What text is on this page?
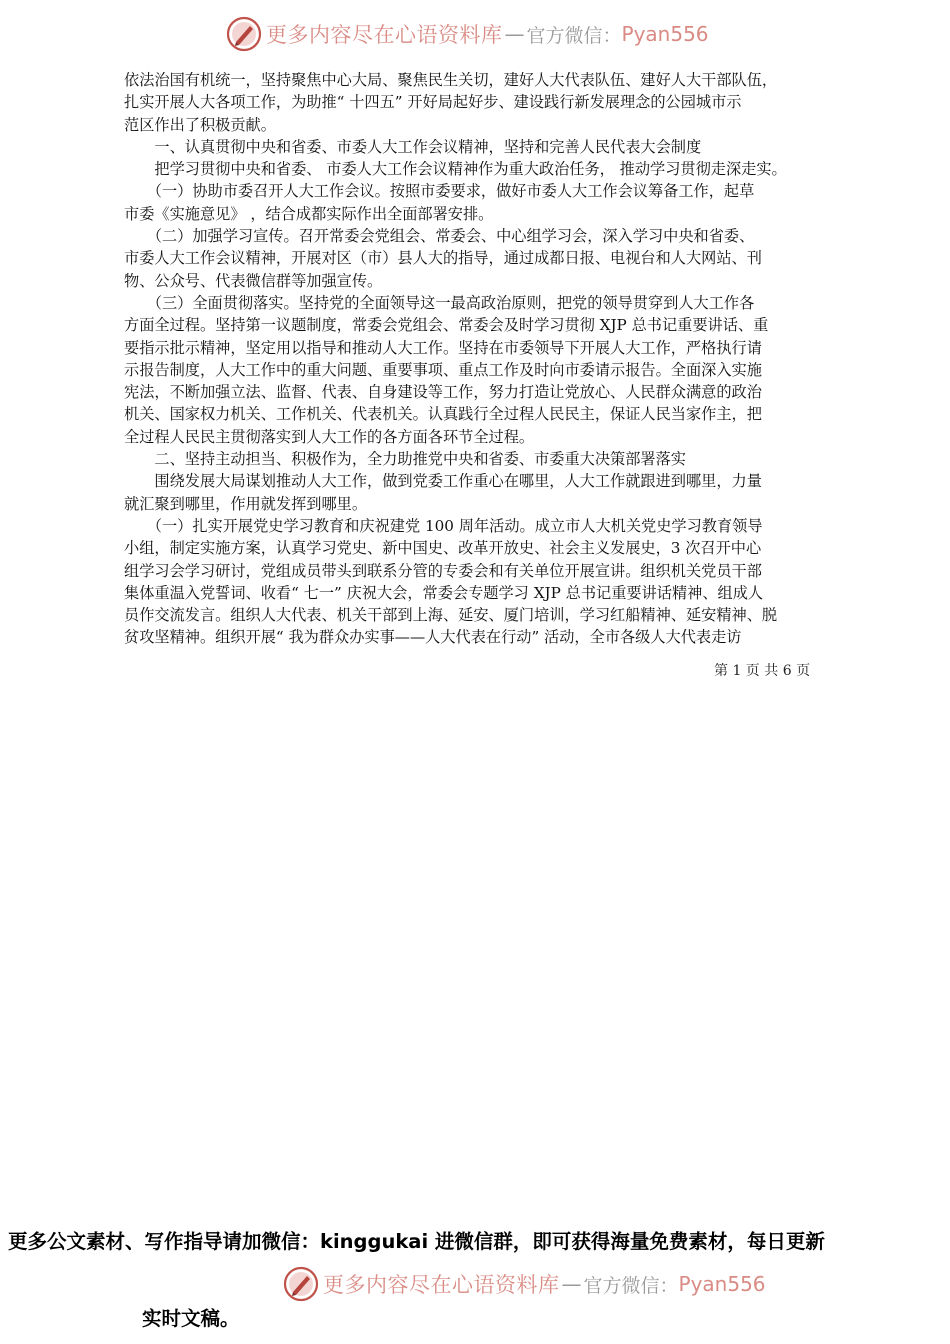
更多内容尽在心语资料库 — 官方微信： Pyan556
依法治国有机统一，坚持聚焦中心大局、聚焦民生关切，建好人大代表队伍、建好人大干部队伍，
扎实开展人大各项工作，为助推“ 十四五” 开好局起好步、建设践行新发展理念的公园城市示
范区作出了积极贡献。
　　一、认真贯彻中央和省委、市委人大工作会议精神，坚持和完善人民代表大会制度
　　把学习贯彻中央和省委、 市委人大工作会议精神作为重大政治任务， 推动学习贯彻走深走实。
　　（一）协助市委召开人大工作会议。按照市委要求，做好市委人大工作会议筹备工作，起草
市委《实施意见》 ，结合成都实际作出全面部署安排。
　　（二）加强学习宣传。召开常委会党组会、常委会、中心组学习会，深入学习中央和省委、
市委人大工作会议精神，开展对区（市）县人大的指导，通过成都日报、电视台和人大网站、刊
物、公众号、代表微信群等加强宣传。
　　（三）全面贯彻落实。坚持党的全面领导这一最高政治原则，把党的领导贯穿到人大工作各
方面全过程。坚持第一议题制度，常委会党组会、常委会及时学习贯彻 XJP 总书记重要讲话、重
要指示批示精神，坚定用以指导和推动人大工作。坚持在市委领导下开展人大工作，严格执行请
示报告制度，人大工作中的重大问题、重要事项、重点工作及时向市委请示报告。全面深入实施
宪法，不断加强立法、监督、代表、自身建设等工作，努力打造让党放心、人民群众满意的政治
机关、国家权力机关、工作机关、代表机关。认真践行全过程人民民主，保证人民当家作主，把
全过程人民民主贯彻落实到人大工作的各方面各环节全过程。
　　二、坚持主动担当、积极作为，全力助推党中央和省委、市委重大决策部署落实
　　围绕发展大局谋划推动人大工作，做到党委工作重心在哪里，人大工作就跟进到哪里，力量
就汇聚到哪里，作用就发挥到哪里。
　　（一）扎实开展党史学习教育和庆祝建党 100 周年活动。成立市人大机关党史学习教育领导
小组，制定实施方案，认真学习党史、新中国史、改革开放史、社会主义发展史，3 次召开中心
组学习会学习研讨，党组成员带头到联系分管的专委会和有关单位开展宣讲。组织机关党员干部
集体重温入党誓词、收看“ 七一” 庆祝大会，常委会专题学习 XJP 总书记重要讲话精神、组成人
员作交流发言。组织人大代表、机关干部到上海、延安、厦门培训，学习红船精神、延安精神、脱
贫攻坚精神。组织开展“ 我为群众办实事——人大代表在行动” 活动，全市各级人大代表走访
第 1 页 共 6 页
更多公文素材、写作指导请加微信：kinggukai 进微信群，即可获得海量免费素材，每日更新
更多内容尽在心语资料库 — 官方微信： Pyan556
实时文稿。
